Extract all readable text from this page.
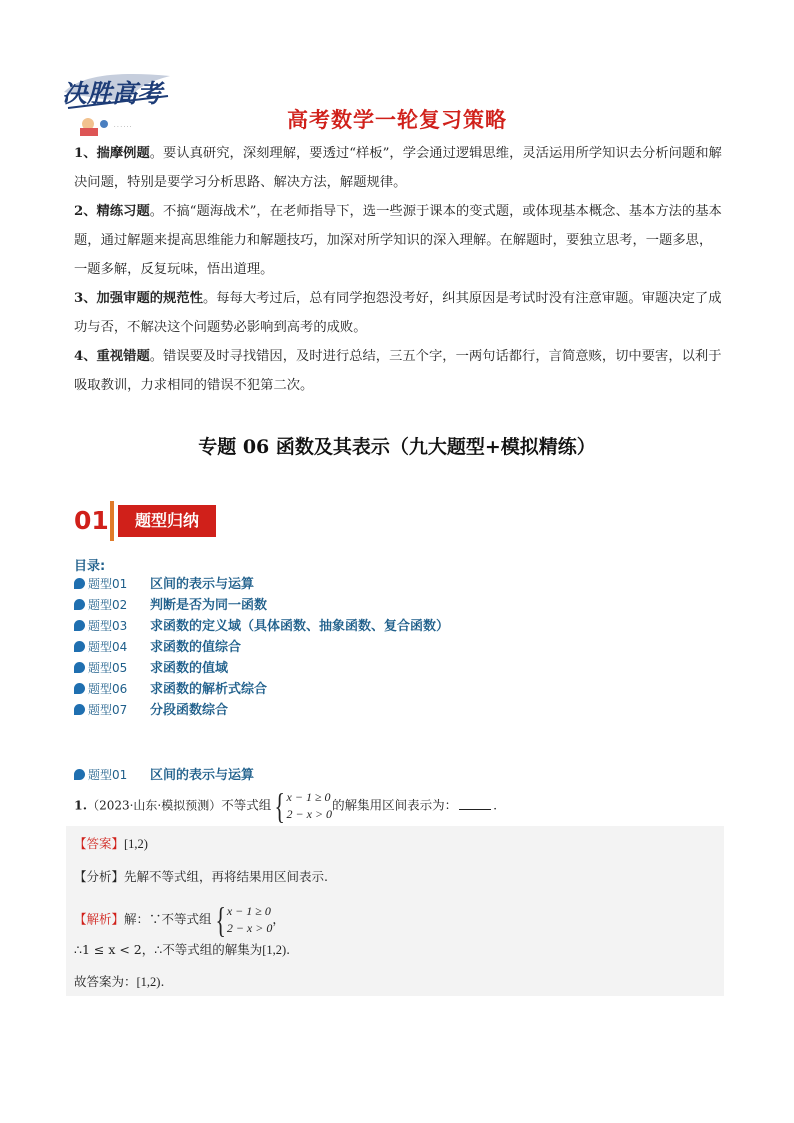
决胜高考
· · · · · ·	高考数学一轮复习策略
1、揣摩例题。要认真研究，深刻理解，要透过“样板”，学会通过逻辑思维，灵活运用所学知识去分析问题和解决问题，特别是要学习分析思路、解决方法，解题规律。
2、精练习题。不搞“题海战术”，在老师指导下，选一些源于课本的变式题，或体现基本概念、基本方法的基本题，通过解题来提高思维能力和解题技巧，加深对所学知识的深入理解。在解题时，要独立思考，一题多思，一题多解，反复玩味，悟出道理。
3、加强审题的规范性。每每大考过后，总有同学抱怨没考好，纠其原因是考试时没有注意审题。审题决定了成功与否，不解决这个问题势必影响到高考的成败。
4、重视错题。错误要及时寻找错因，及时进行总结，三五个字，一两句话都行，言简意赅，切中要害，以利于吸取教训，力求相同的错误不犯第二次。
专题 06 函数及其表示（九大题型+模拟精练）
01	题型归纳
目录:
题型01 区间的表示与运算
题型02 判断是否为同一函数
题型03 求函数的定义域（具体函数、抽象函数、复合函数）
题型04 求函数的值综合
题型05 求函数的值域
题型06 求函数的解析式综合
题型07 分段函数综合
题型01 区间的表示与运算
1.（2023·山东·模拟预测）不等式组{x − 1 ≥ 0
2 − x > 0的解集用区间表示为：	.
【答案】[1,2)
【分析】先解不等式组，再将结果用区间表示.
【解析】解：∵不等式组{x − 1 ≥ 0
2 − x > 0，
∴1 ≤ x < 2，∴不等式组的解集为[1,2).
故答案为：[1,2).
